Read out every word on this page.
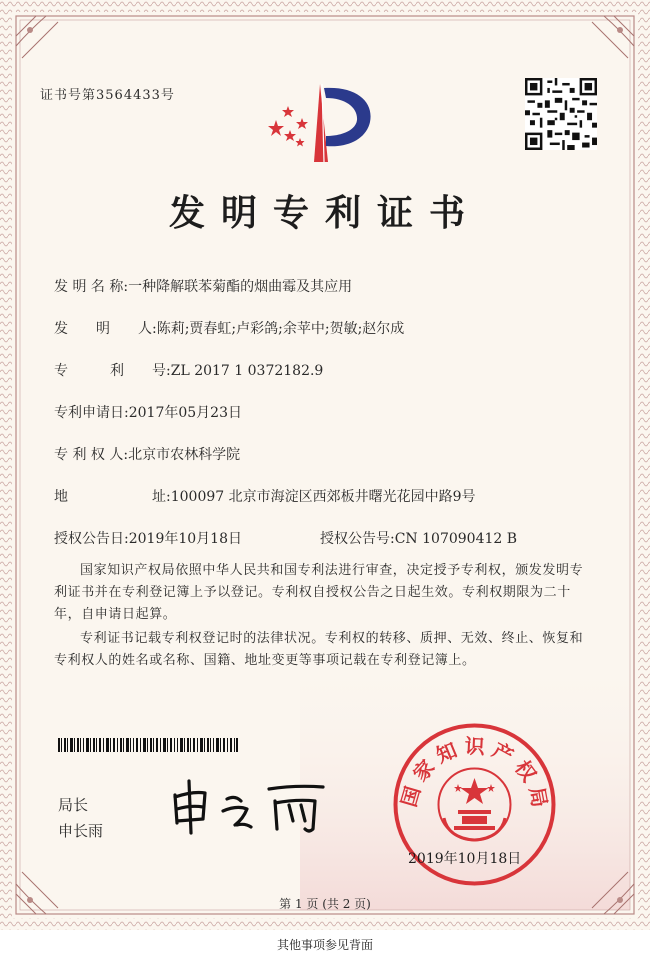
证书号第3564433号
发明专利证书
发 明 名 称:一种降解联苯菊酯的烟曲霉及其应用
发　　明　　人:陈莉;贾春虹;卢彩鸽;余苹中;贺敏;赵尔成
专　　　利　　号:ZL 2017 1 0372182.9
专利申请日:2017年05月23日
专 利 权 人:北京市农林科学院
地　　　　　　址:100097 北京市海淀区西郊板井曙光花园中路9号
授权公告日:2019年10月18日	授权公告号:CN 107090412 B
国家知识产权局依照中华人民共和国专利法进行审查，决定授予专利权，颁发发明专利证书并在专利登记簿上予以登记。专利权自授权公告之日起生效。专利权期限为二十年，自申请日起算。
专利证书记载专利权登记时的法律状况。专利权的转移、质押、无效、终止、恢复和专利权人的姓名或名称、国籍、地址变更等事项记载在专利登记簿上。
局长
申长雨
国家知识产权局
2019年10月18日
第 1 页 (共 2 页)
其他事项参见背面
